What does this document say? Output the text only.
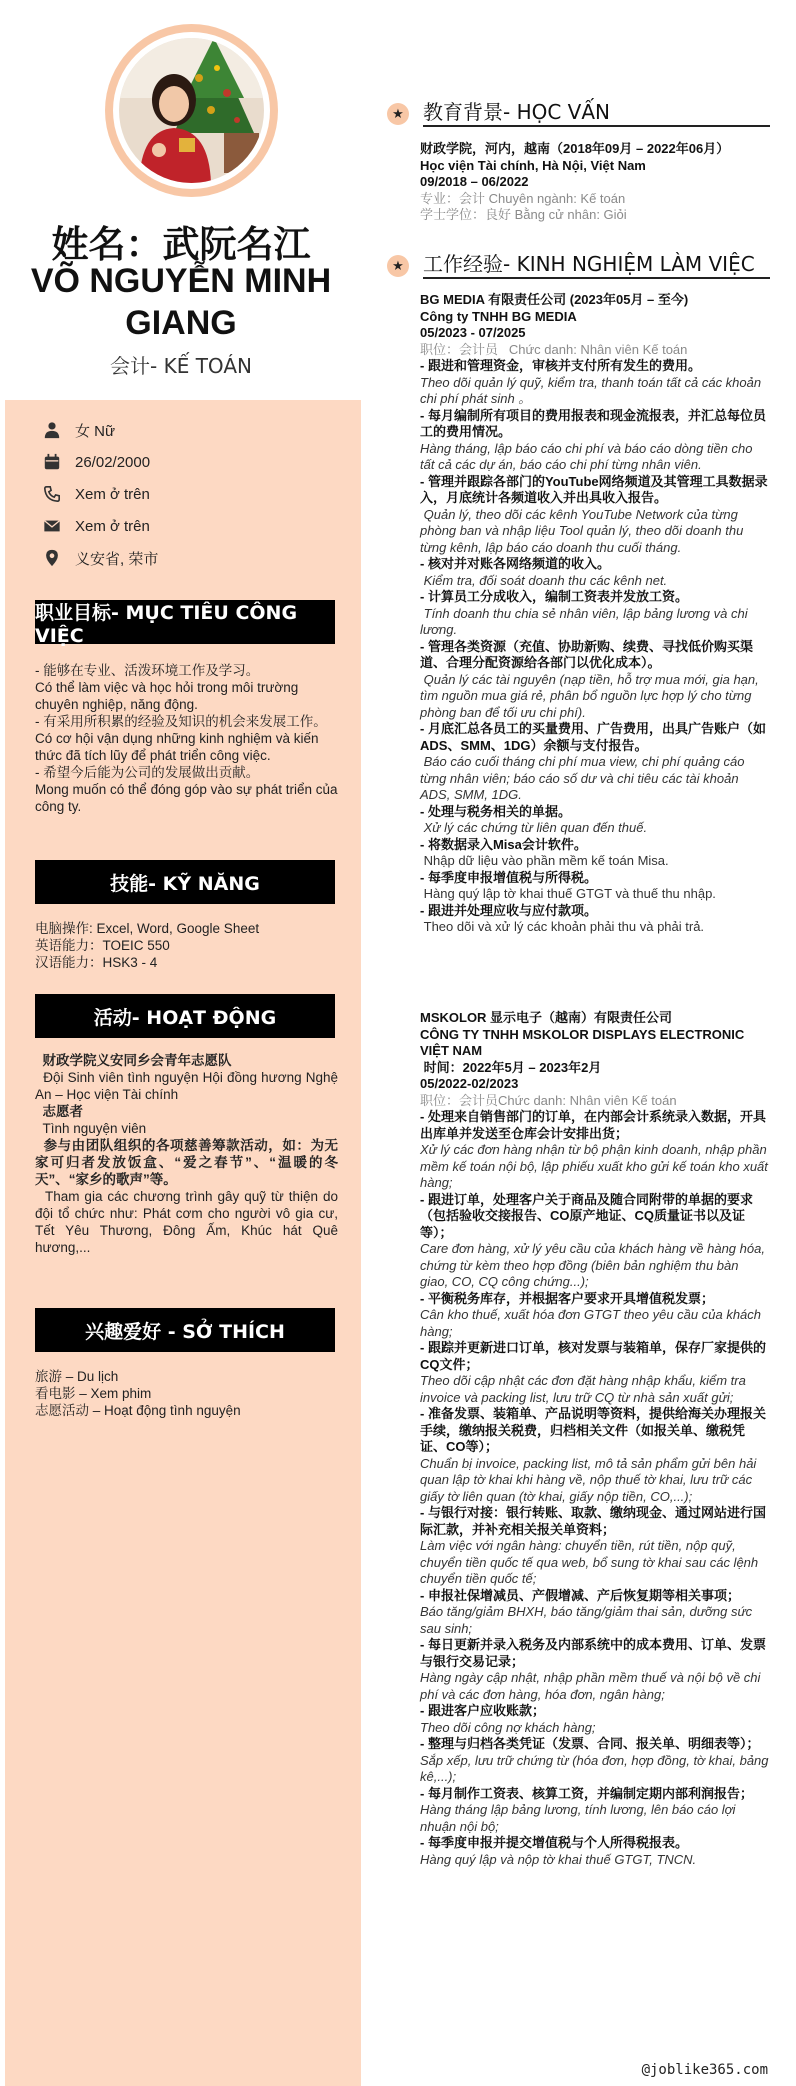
姓名：武阮名江
VÕ NGUYỄN MINH GIANG
会计- KẾ TOÁN
女 Nữ
26/02/2000
Xem ở trên
Xem ở trên
义安省, 荣市
职业目标- MỤC TIÊU CÔNG VIỆC

- 能够在专业、活泼环境工作及学习。

Có thể làm việc và học hỏi trong môi trường chuyên nghiệp, năng động.

- 有采用所积累的经验及知识的机会来发展工作。

Có cơ hội vận dụng những kinh nghiệm và kiến thức đã tích lũy để phát triển công việc.

- 希望今后能为公司的发展做出贡献。

Mong muốn có thể đóng góp vào sự phát triển của công ty.

技能- KỸ NĂNG

电脑操作: Excel, Word, Google Sheet

英语能力：TOEIC 550

汉语能力：HSK3 - 4

活动- HOẠT ĐỘNG

财政学院义安同乡会青年志愿队

Đội Sinh viên tình nguyện Hội đồng hương Nghệ An – Học viện Tài chính

志愿者

Tình nguyện viên

参与由团队组织的各项慈善筹款活动，如：为无家可归者发放饭盒、“爱之春节”、“温暖的冬天”、“家乡的歌声”等。

Tham gia các chương trình gây quỹ từ thiện do đội tổ chức như: Phát cơm cho người vô gia cư, Tết Yêu Thương, Đông Ấm, Khúc hát Quê hương,...

兴趣爱好 - SỞ THÍCH

旅游 – Du lịch

看电影 – Xem phim

志愿活动 – Hoạt động tình nguyện

★ 教育背景- HỌC VẤN
财政学院，河内，越南（2018年09月 – 2022年06月）
Học viện Tài chính, Hà Nội, Việt Nam
09/2018 – 06/2022
专业：会计 Chuyên ngành: Kế toán
学士学位：良好 Bằng cử nhân: Giỏi
★ 工作经验- KINH NGHIỆM LÀM VIỆC
BG MEDIA 有限责任公司 (2023年05月 – 至今)
Công ty TNHH BG MEDIA
05/2023 - 07/2025
职位：会计员   Chức danh: Nhân viên Kế toán
- 跟进和管理资金，审核并支付所有发生的费用。
Theo dõi quản lý quỹ, kiểm tra, thanh toán tất cả các khoản chi phí phát sinh 。
- 每月编制所有项目的费用报表和现金流报表，并汇总每位员工的费用情况。
Hàng tháng, lập báo cáo chi phí và báo cáo dòng tiền cho tất cả các dự án, báo cáo chi phí từng nhân viên.
- 管理并跟踪各部门的YouTube网络频道及其管理工具数据录入，月底统计各频道收入并出具收入报告。
Quản lý, theo dõi các kênh YouTube Network của từng phòng ban và nhập liệu Tool quản lý, theo dõi doanh thu từng kênh, lập báo cáo doanh thu cuối tháng.
- 核对并对账各网络频道的收入。
Kiểm tra, đối soát doanh thu các kênh net.
- 计算员工分成收入，编制工资表并发放工资。
Tính doanh thu chia sẻ nhân viên, lập bảng lương và chi lương.
- 管理各类资源（充值、协助新购、续费、寻找低价购买渠道、合理分配资源给各部门以优化成本）。
Quản lý các tài nguyên (nạp tiền, hỗ trợ mua mới, gia hạn, tìm nguồn mua giá rẻ, phân bổ nguồn lực hợp lý cho từng phòng ban để tối ưu chi phí).
- 月底汇总各员工的买量费用、广告费用，出具广告账户（如ADS、SMM、1DG）余额与支付报告。
Báo cáo cuối tháng chi phí mua view, chi phí quảng cáo từng nhân viên; báo cáo số dư và chi tiêu các tài khoản ADS, SMM, 1DG.
- 处理与税务相关的单据。
Xử lý các chứng từ liên quan đến thuế.
- 将数据录入Misa会计软件。
Nhập dữ liệu vào phần mềm kế toán Misa.
- 每季度申报增值税与所得税。
Hàng quý lập tờ khai thuế GTGT và thuế thu nhập.
- 跟进并处理应收与应付款项。
Theo dõi và xử lý các khoản phải thu và phải trả.
MSKOLOR 显示电子（越南）有限责任公司
CÔNG TY TNHH MSKOLOR DISPLAYS ELECTRONIC VIỆT NAM
时间：2022年5月 – 2023年2月
05/2022-02/2023
职位：会计员Chức danh: Nhân viên Kế toán
- 处理来自销售部门的订单，在内部会计系统录入数据，开具出库单并发送至仓库会计安排出货；
Xử lý các đơn hàng nhận từ bộ phận kinh doanh, nhập phần mềm kế toán nội bộ, lập phiếu xuất kho gửi kế toán kho xuất hàng;
- 跟进订单，处理客户关于商品及随合同附带的单据的要求（包括验收交接报告、CO原产地证、CQ质量证书以及证等）；
Care đơn hàng, xử lý yêu cầu của khách hàng về hàng hóa, chứng từ kèm theo hợp đồng (biên bản nghiệm thu bàn giao, CO, CQ công chứng...);
- 平衡税务库存，并根据客户要求开具增值税发票；
Cân kho thuế, xuất hóa đơn GTGT theo yêu cầu của khách hàng;
- 跟踪并更新进口订单，核对发票与装箱单，保存厂家提供的CQ文件；
Theo dõi cập nhật các đơn đặt hàng nhập khẩu, kiểm tra invoice và packing list, lưu trữ CQ từ nhà sản xuất gửi;
- 准备发票、装箱单、产品说明等资料，提供给海关办理报关手续，缴纳报关税费，归档相关文件（如报关单、缴税凭证、CO等）；
Chuẩn bị invoice, packing list, mô tả sản phẩm gửi bên hải quan lập tờ khai khi hàng về, nộp thuế tờ khai, lưu trữ các giấy tờ liên quan (tờ khai, giấy nộp tiền, CO,...);
- 与银行对接：银行转账、取款、缴纳现金、通过网站进行国际汇款，并补充相关报关单资料；
Làm việc với ngân hàng: chuyển tiền, rút tiền, nộp quỹ, chuyển tiền quốc tế qua web, bổ sung tờ khai sau các lệnh chuyển tiền quốc tế;
- 申报社保增减员、产假增减、产后恢复期等相关事项；
Báo tăng/giảm BHXH, báo tăng/giảm thai sản, dưỡng sức sau sinh;
- 每日更新并录入税务及内部系统中的成本费用、订单、发票与银行交易记录；
Hàng ngày cập nhật, nhập phần mềm thuế và nội bộ về chi phí và các đơn hàng, hóa đơn, ngân hàng;
- 跟进客户应收账款；
Theo dõi công nợ khách hàng;
- 整理与归档各类凭证（发票、合同、报关单、明细表等）；
Sắp xếp, lưu trữ chứng từ (hóa đơn, hợp đồng, tờ khai, bảng kê,...);
- 每月制作工资表、核算工资，并编制定期内部利润报告；
Hàng tháng lập bảng lương, tính lương, lên báo cáo lợi nhuận nội bộ;
- 每季度申报并提交增值税与个人所得税报表。
Hàng quý lập và nộp tờ khai thuế GTGT, TNCN.
@joblike365.com
